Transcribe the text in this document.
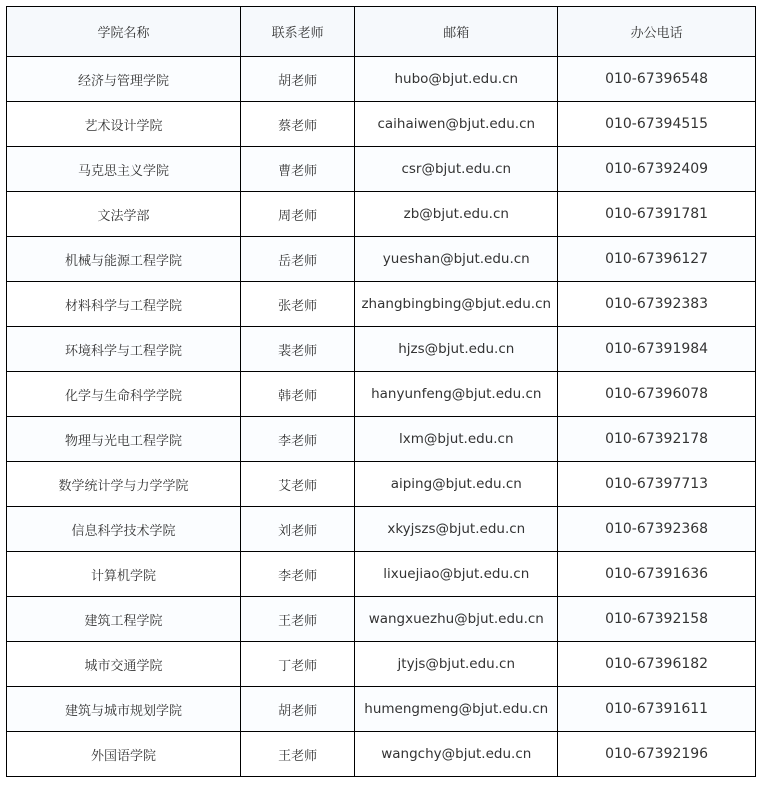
学院名称	联系老师	邮箱	办公电话
经济与管理学院	胡老师	hubo@bjut.edu.cn	010-67396548
艺术设计学院	蔡老师	caihaiwen@bjut.edu.cn	010-67394515
马克思主义学院	曹老师	csr@bjut.edu.cn	010-67392409
文法学部	周老师	zb@bjut.edu.cn	010-67391781
机械与能源工程学院	岳老师	yueshan@bjut.edu.cn	010-67396127
材料科学与工程学院	张老师	zhangbingbing@bjut.edu.cn	010-67392383
环境科学与工程学院	裴老师	hjzs@bjut.edu.cn	010-67391984
化学与生命科学学院	韩老师	hanyunfeng@bjut.edu.cn	010-67396078
物理与光电工程学院	李老师	lxm@bjut.edu.cn	010-67392178
数学统计学与力学学院	艾老师	aiping@bjut.edu.cn	010-67397713
信息科学技术学院	刘老师	xkyjszs@bjut.edu.cn	010-67392368
计算机学院	李老师	lixuejiao@bjut.edu.cn	010-67391636
建筑工程学院	王老师	wangxuezhu@bjut.edu.cn	010-67392158
城市交通学院	丁老师	jtyjs@bjut.edu.cn	010-67396182
建筑与城市规划学院	胡老师	humengmeng@bjut.edu.cn	010-67391611
外国语学院	王老师	wangchy@bjut.edu.cn	010-67392196
